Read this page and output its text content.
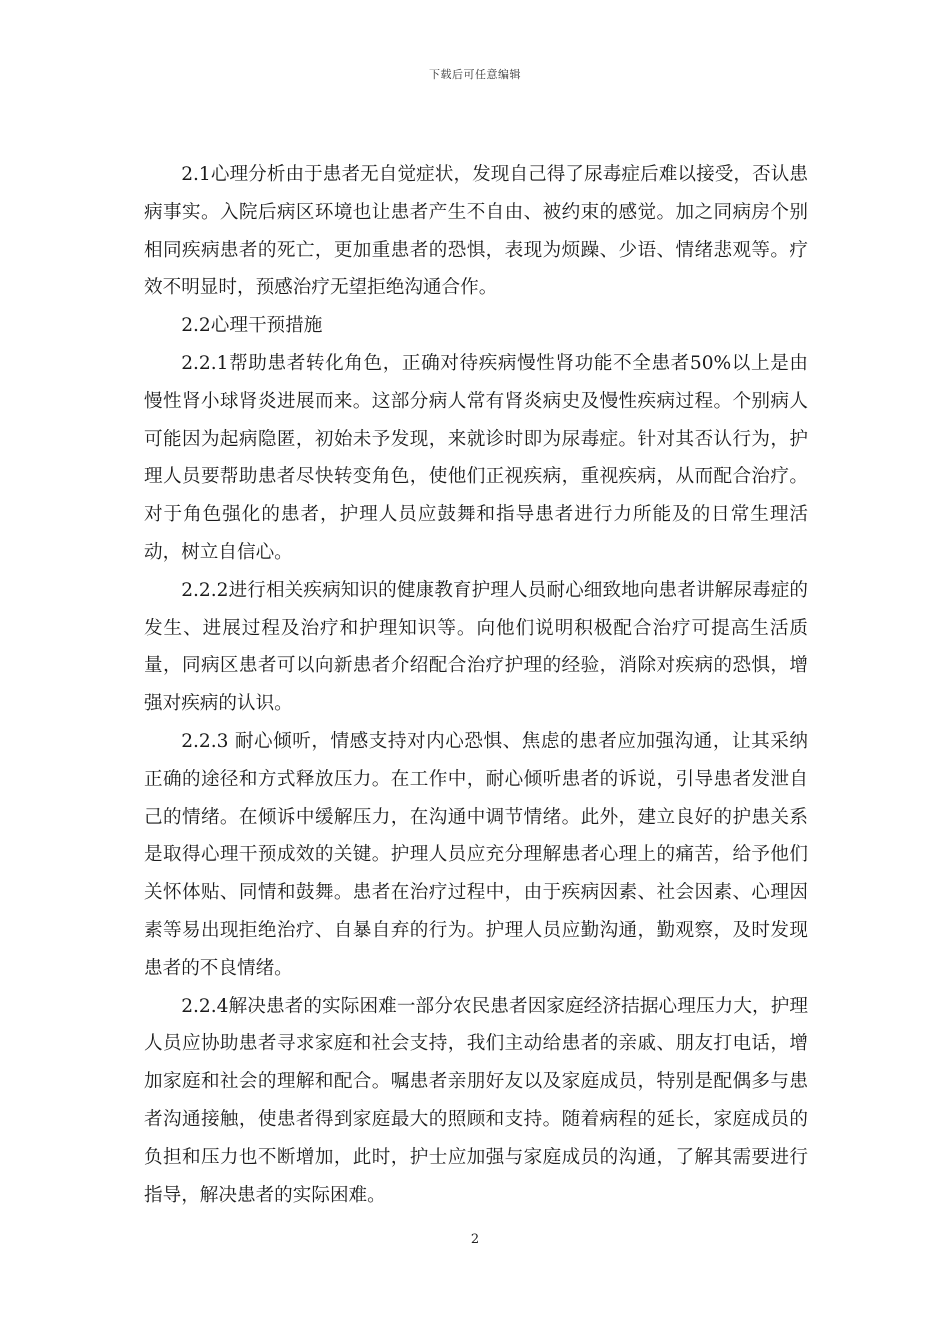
下载后可任意编辑

2.1心理分析由于患者无自觉症状，发现自己得了尿毒症后难以接受，否认患病事实。入院后病区环境也让患者产生不自由、被约束的感觉。加之同病房个别相同疾病患者的死亡，更加重患者的恐惧，表现为烦躁、少语、情绪悲观等。疗效不明显时，预感治疗无望拒绝沟通合作。

2.2心理干预措施

2.2.1帮助患者转化角色，正确对待疾病慢性肾功能不全患者50%以上是由慢性肾小球肾炎进展而来。这部分病人常有肾炎病史及慢性疾病过程。个别病人可能因为起病隐匿，初始未予发现，来就诊时即为尿毒症。针对其否认行为，护理人员要帮助患者尽快转变角色，使他们正视疾病，重视疾病，从而配合治疗。对于角色强化的患者，护理人员应鼓舞和指导患者进行力所能及的日常生理活动，树立自信心。

2.2.2进行相关疾病知识的健康教育护理人员耐心细致地向患者讲解尿毒症的发生、进展过程及治疗和护理知识等。向他们说明积极配合治疗可提高生活质量，同病区患者可以向新患者介绍配合治疗护理的经验，消除对疾病的恐惧，增强对疾病的认识。

2.2.3 耐心倾听，情感支持对内心恐惧、焦虑的患者应加强沟通，让其采纳正确的途径和方式释放压力。在工作中，耐心倾听患者的诉说，引导患者发泄自己的情绪。在倾诉中缓解压力，在沟通中调节情绪。此外，建立良好的护患关系是取得心理干预成效的关键。护理人员应充分理解患者心理上的痛苦，给予他们关怀体贴、同情和鼓舞。患者在治疗过程中，由于疾病因素、社会因素、心理因素等易出现拒绝治疗、自暴自弃的行为。护理人员应勤沟通，勤观察，及时发现患者的不良情绪。

2.2.4解决患者的实际困难一部分农民患者因家庭经济拮据心理压力大，护理人员应协助患者寻求家庭和社会支持，我们主动给患者的亲戚、朋友打电话，增加家庭和社会的理解和配合。嘱患者亲朋好友以及家庭成员，特别是配偶多与患者沟通接触，使患者得到家庭最大的照顾和支持。随着病程的延长，家庭成员的负担和压力也不断增加，此时，护士应加强与家庭成员的沟通，了解其需要进行指导，解决患者的实际困难。

2
